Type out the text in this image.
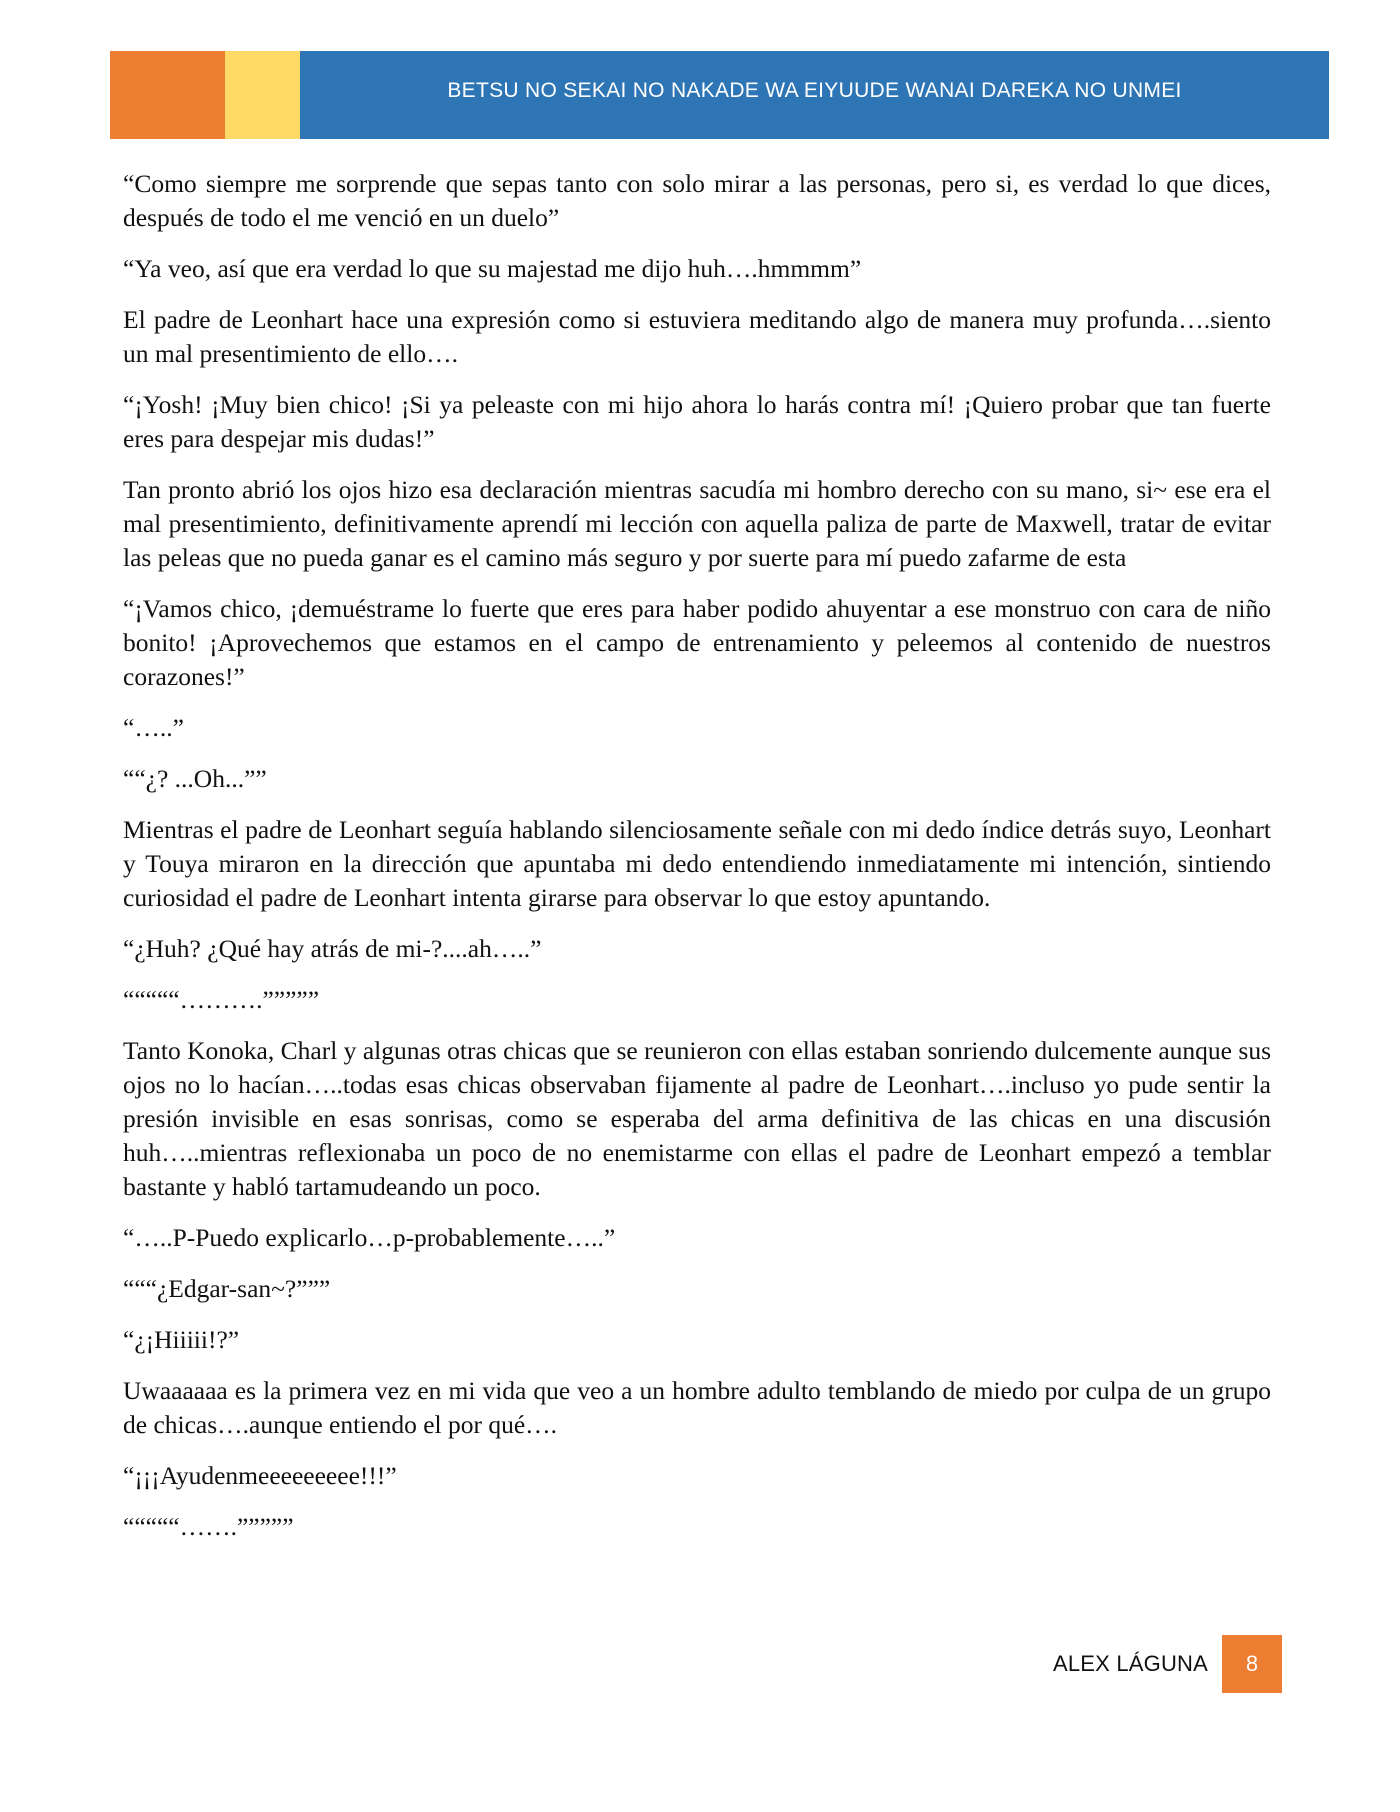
BETSU NO SEKAI NO NAKADE WA EIYUUDE WANAI DAREKA NO UNMEI

“Como siempre me sorprende que sepas tanto con solo mirar a las personas, pero si, es verdad lo que dices, después de todo el me venció en un duelo”

“Ya veo, así que era verdad lo que su majestad me dijo huh….hmmmm”

El padre de Leonhart hace una expresión como si estuviera meditando algo de manera muy profunda….siento un mal presentimiento de ello….

“¡Yosh! ¡Muy bien chico! ¡Si ya peleaste con mi hijo ahora lo harás contra mí! ¡Quiero probar que tan fuerte eres para despejar mis dudas!”

Tan pronto abrió los ojos hizo esa declaración mientras sacudía mi hombro derecho con su mano, si~ ese era el mal presentimiento, definitivamente aprendí mi lección con aquella paliza de parte de Maxwell, tratar de evitar las peleas que no pueda ganar es el camino más seguro y por suerte para mí puedo zafarme de esta

“¡Vamos chico, ¡demuéstrame lo fuerte que eres para haber podido ahuyentar a ese monstruo con cara de niño bonito! ¡Aprovechemos que estamos en el campo de entrenamiento y peleemos al contenido de nuestros corazones!”

“…..”

““¿? ...Oh...””

Mientras el padre de Leonhart seguía hablando silenciosamente señale con mi dedo índice detrás suyo, Leonhart y Touya miraron en la dirección que apuntaba mi dedo entendiendo inmediatamente mi intención, sintiendo curiosidad el padre de Leonhart intenta girarse para observar lo que estoy apuntando.

“¿Huh? ¿Qué hay atrás de mi-?....ah…..”

“““““……….”””””

Tanto Konoka, Charl y algunas otras chicas que se reunieron con ellas estaban sonriendo dulcemente aunque sus ojos no lo hacían…..todas esas chicas observaban fijamente al padre de Leonhart….incluso yo pude sentir la presión invisible en esas sonrisas, como se esperaba del arma definitiva de las chicas en una discusión huh…..mientras reflexionaba un poco de no enemistarme con ellas el padre de Leonhart empezó a temblar bastante y habló tartamudeando un poco.

“…..P-Puedo explicarlo…p-probablemente…..”

“““¿Edgar-san~?”””

“¿¡Hiiiii!?”

Uwaaaaaa es la primera vez en mi vida que veo a un hombre adulto temblando de miedo por culpa de un grupo de chicas….aunque entiendo el por qué….

“¡¡¡Ayudenmeeeeeeeee!!!”

“““““…….”””””

ALEX LÁGUNA 8
